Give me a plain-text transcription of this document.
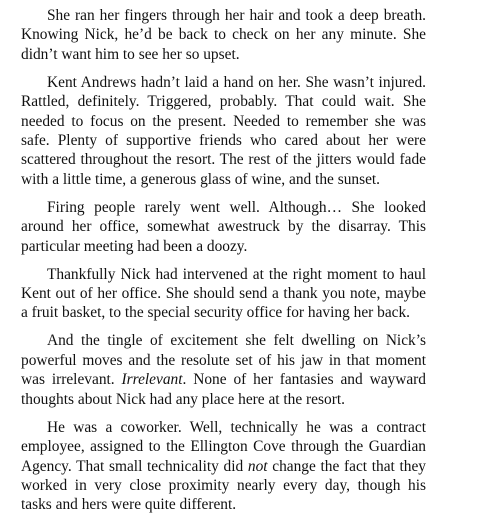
She ran her fingers through her hair and took a deep breath. Knowing Nick, he’d be back to check on her any minute. She didn’t want him to see her so upset.

Kent Andrews hadn’t laid a hand on her. She wasn’t injured. Rattled, definitely. Triggered, probably. That could wait. She needed to focus on the present. Needed to remember she was safe. Plenty of supportive friends who cared about her were scattered throughout the resort. The rest of the jitters would fade with a little time, a generous glass of wine, and the sunset.

Firing people rarely went well. Although… She looked around her office, somewhat awestruck by the disarray. This particular meeting had been a doozy.

Thankfully Nick had intervened at the right moment to haul Kent out of her office. She should send a thank you note, maybe a fruit basket, to the special security office for having her back.

And the tingle of excitement she felt dwelling on Nick’s powerful moves and the resolute set of his jaw in that moment was irrelevant. Irrelevant. None of her fantasies and wayward thoughts about Nick had any place here at the resort.

He was a coworker. Well, technically he was a contract employee, assigned to the Ellington Cove through the Guardian Agency. That small technicality did not change the fact that they worked in very close proximity nearly every day, though his tasks and hers were quite different.
